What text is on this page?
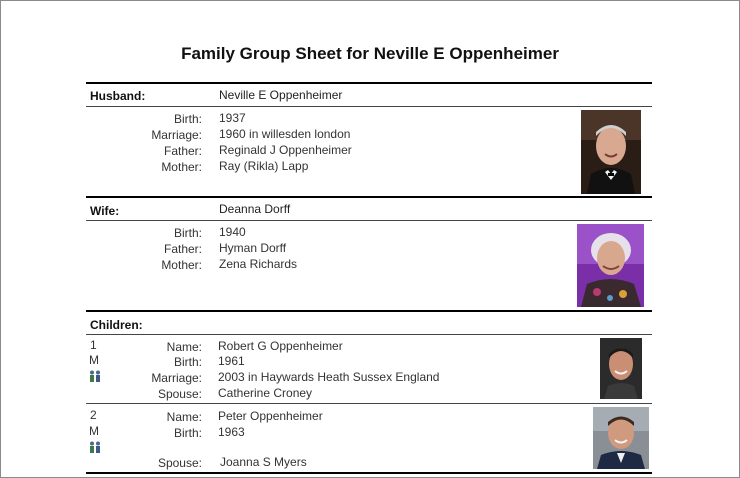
Family Group Sheet for Neville E Oppenheimer
Husband:	Neville E Oppenheimer
Birth: 1937
Marriage: 1960 in willesden london
Father: Reginald J Oppenheimer
Mother: Ray (Rikla) Lapp
Wife:	Deanna Dorff
Birth: 1940
Father: Hyman Dorff
Mother: Zena Richards
Children:
1
M
Name: Robert G Oppenheimer
Birth: 1961
Marriage: 2003 in Haywards Heath Sussex England
Spouse: Catherine Croney
2
M
Name: Peter Oppenheimer
Birth: 1963
Spouse: Joanna S Myers
